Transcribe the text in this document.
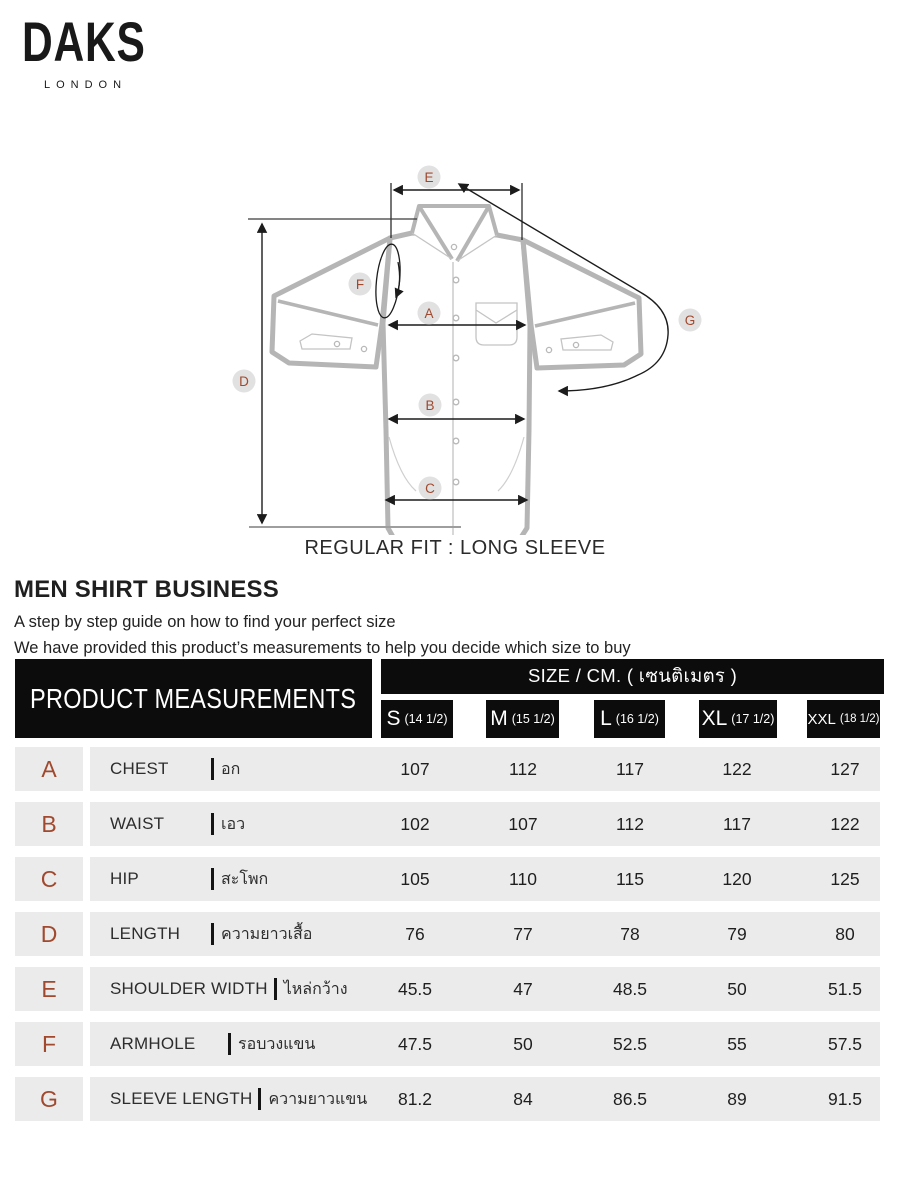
DAKS
LONDON
A
B
C
D
E
F
G
REGULAR FIT : LONG SLEEVE
MEN SHIRT BUSINESS
A step by step guide on how to find your perfect size
We have provided this product’s measurements to help you decide which size to buy
PRODUCT MEASUREMENTS
SIZE / CM. ( เซนติเมตร )
S (14 1/2) M (15 1/2) L (16 1/2) XL (17 1/2) XXL (18 1/2)
A	CHEST	อก	107	112	117	122	127
B	WAIST	เอว	102	107	112	117	122
C	HIP	สะโพก	105	110	115	120	125
D	LENGTH	ความยาวเสื้อ	76	77	78	79	80
E	SHOULDER WIDTH ไหล่กว้าง	45.5	47	48.5	50	51.5
F	ARMHOLE	รอบวงแขน	47.5	50	52.5	55	57.5
G	SLEEVE LENGTH ความยาวแขน	81.2	84	86.5	89	91.5
